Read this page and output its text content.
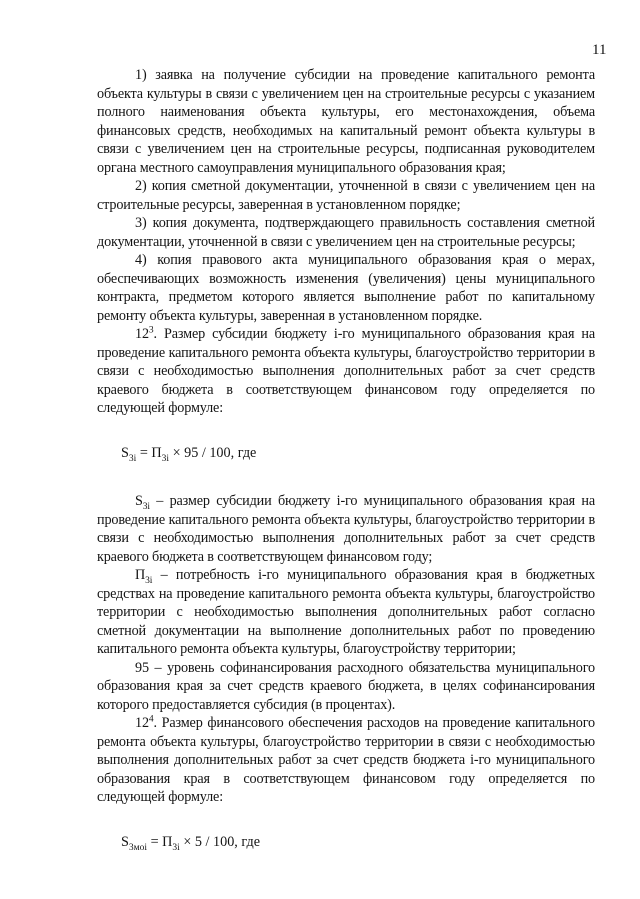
11

1) заявка на получение субсидии на проведение капитального ремонта объекта культуры в связи с увеличением цен на строительные ресурсы с указанием полного наименования объекта культуры, его местонахождения, объема финансовых средств, необходимых на капитальный ремонт объекта культуры в связи с увеличением цен на строительные ресурсы, подписанная руководителем органа местного самоуправления муниципального образования края;

2) копия сметной документации, уточненной в связи с увеличением цен на строительные ресурсы, заверенная в установленном порядке;

3) копия документа, подтверждающего правильность составления сметной документации, уточненной в связи с увеличением цен на строительные ресурсы;

4) копия правового акта муниципального образования края о мерах, обеспечивающих возможность изменения (увеличения) цены муниципального контракта, предметом которого является выполнение работ по капитальному ремонту объекта культуры, заверенная в установленном порядке.

$12^3$. Размер субсидии бюджету i-го муниципального образования края на проведение капитального ремонта объекта культуры, благоустройство территории в связи с необходимостью выполнения дополнительных работ за счет средств краевого бюджета в соответствующем финансовом году определяется по следующей формуле:

$S_{3i} = П_{3i} \times 95 / 100$, где

$S_{3i}$ – размер субсидии бюджету i-го муниципального образования края на проведение капитального ремонта объекта культуры, благоустройство территории в связи с необходимостью выполнения дополнительных работ за счет средств краевого бюджета в соответствующем финансовом году;

$П_{3i}$ – потребность i-го муниципального образования края в бюджетных средствах на проведение капитального ремонта объекта культуры, благоустройство территории с необходимостью выполнения дополнительных работ согласно сметной документации на выполнение дополнительных работ по проведению капитального ремонта объекта культуры, благоустройству территории;

95 – уровень софинансирования расходного обязательства муниципального образования края за счет средств краевого бюджета, в целях софинансирования которого предоставляется субсидия (в процентах).

$12^4$. Размер финансового обеспечения расходов на проведение капитального ремонта объекта культуры, благоустройство территории в связи с необходимостью выполнения дополнительных работ за счет средств бюджета i-го муниципального образования края в соответствующем финансовом году определяется по следующей формуле:

$S_{3моi} = П_{3i} \times 5 / 100$, где
